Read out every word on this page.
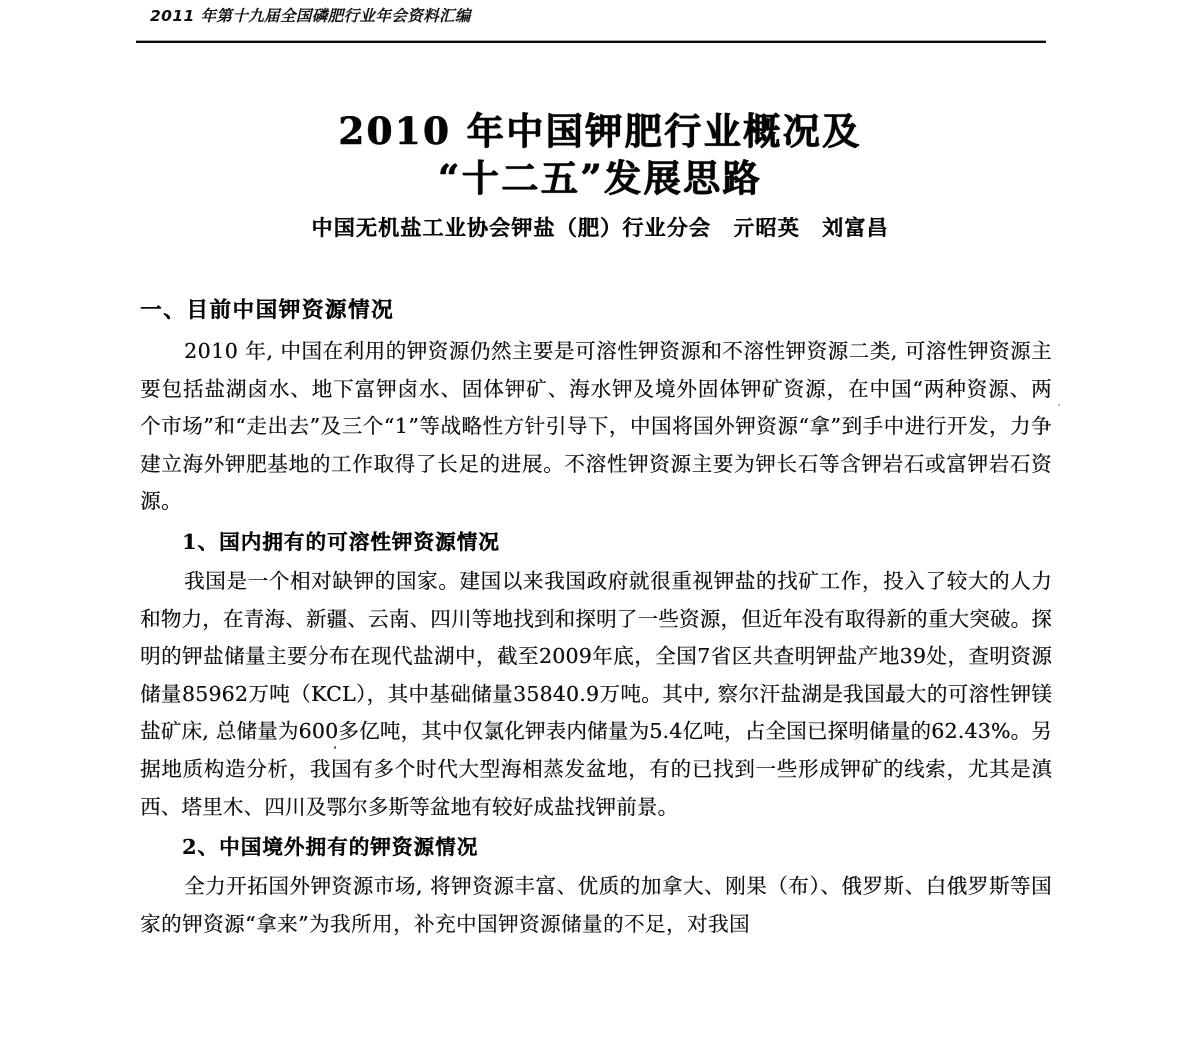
2011 年第十九届全国磷肥行业年会资料汇编
2010 年中国钾肥行业概况及
“十二五”发展思路
中国无机盐工业协会钾盐（肥）行业分会　亓昭英　刘富昌
一、目前中国钾资源情况

2010 年, 中国在利用的钾资源仍然主要是可溶性钾资源和不溶性钾资源二类, 可溶性钾资源主要包括盐湖卤水、地下富钾卤水、固体钾矿、海水钾及境外固体钾矿资源，在中国“两种资源、两个市场”和“走出去”及三个“1”等战略性方针引导下，中国将国外钾资源“拿”到手中进行开发，力争建立海外钾肥基地的工作取得了长足的进展。不溶性钾资源主要为钾长石等含钾岩石或富钾岩石资源。

1、国内拥有的可溶性钾资源情况

我国是一个相对缺钾的国家。建国以来我国政府就很重视钾盐的找矿工作，投入了较大的人力和物力，在青海、新疆、云南、四川等地找到和探明了一些资源，但近年没有取得新的重大突破。探明的钾盐储量主要分布在现代盐湖中，截至2009年底，全国7省区共查明钾盐产地39处，查明资源储量85962万吨（KCL），其中基础储量35840.9万吨。其中, 察尔汗盐湖是我国最大的可溶性钾镁盐矿床, 总储量为600多亿吨，其中仅氯化钾表内储量为5.4亿吨，占全国已探明储量的62.43%。另据地质构造分析，我国有多个时代大型海相蒸发盆地，有的已找到一些形成钾矿的线索，尤其是滇西、塔里木、四川及鄂尔多斯等盆地有较好成盐找钾前景。

2、中国境外拥有的钾资源情况

全力开拓国外钾资源市场, 将钾资源丰富、优质的加拿大、刚果（布）、俄罗斯、白俄罗斯等国家的钾资源“拿来”为我所用，补充中国钾资源储量的不足，对我国
